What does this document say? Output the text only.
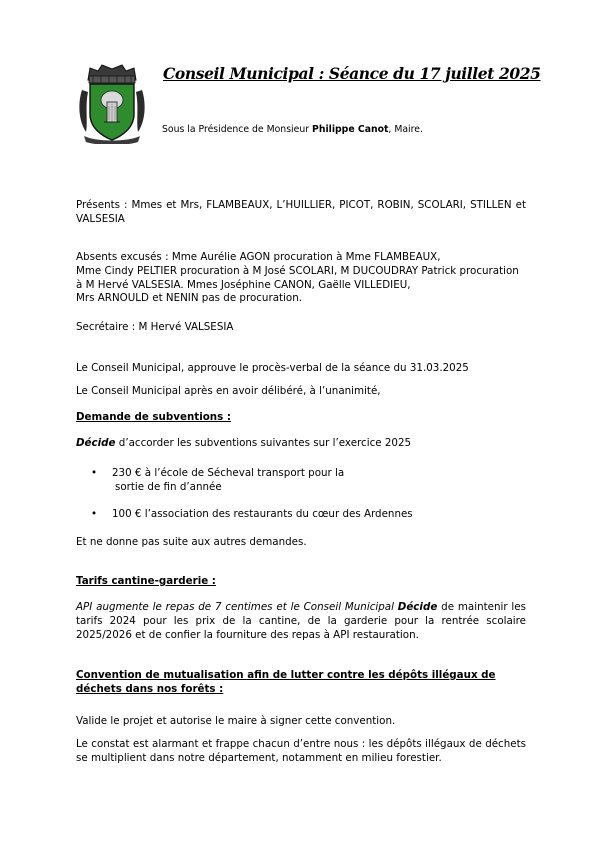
Conseil Municipal : Séance du 17 juillet 2025
Sous la Présidence de Monsieur Philippe Canot, Maire.
Présents : Mmes et Mrs, FLAMBEAUX, L’HUILLIER, PICOT, ROBIN, SCOLARI, STILLEN et VALSESIA
Absents excusés : Mme Aurélie AGON procuration à Mme FLAMBEAUX,
Mme Cindy PELTIER procuration à M José SCOLARI, M DUCOUDRAY Patrick procuration
à M Hervé VALSESIA. Mmes Joséphine CANON, Gaëlle VILLEDIEU,
Mrs ARNOULD et NENIN pas de procuration.
Secrétaire : M Hervé VALSESIA
Le Conseil Municipal, approuve le procès-verbal de la séance du 31.03.2025
Le Conseil Municipal après en avoir délibéré, à l’unanimité,
Demande de subventions :
Décide d’accorder les subventions suivantes sur l’exercice 2025
• 230 € à l’école de Sécheval transport pour la
sortie de fin d’année
• 100 € l’association des restaurants du cœur des Ardennes
Et ne donne pas suite aux autres demandes.
Tarifs cantine-garderie :
API augmente le repas de 7 centimes et le Conseil Municipal Décide de maintenir les tarifs 2024 pour les prix de la cantine, de la garderie pour la rentrée scolaire 2025/2026 et de confier la fourniture des repas à API restauration.
Convention de mutualisation afin de lutter contre les dépôts illégaux de déchets dans nos forêts :
Valide le projet et autorise le maire à signer cette convention.
Le constat est alarmant et frappe chacun d’entre nous : les dépôts illégaux de déchets se multiplient dans notre département, notamment en milieu forestier.
